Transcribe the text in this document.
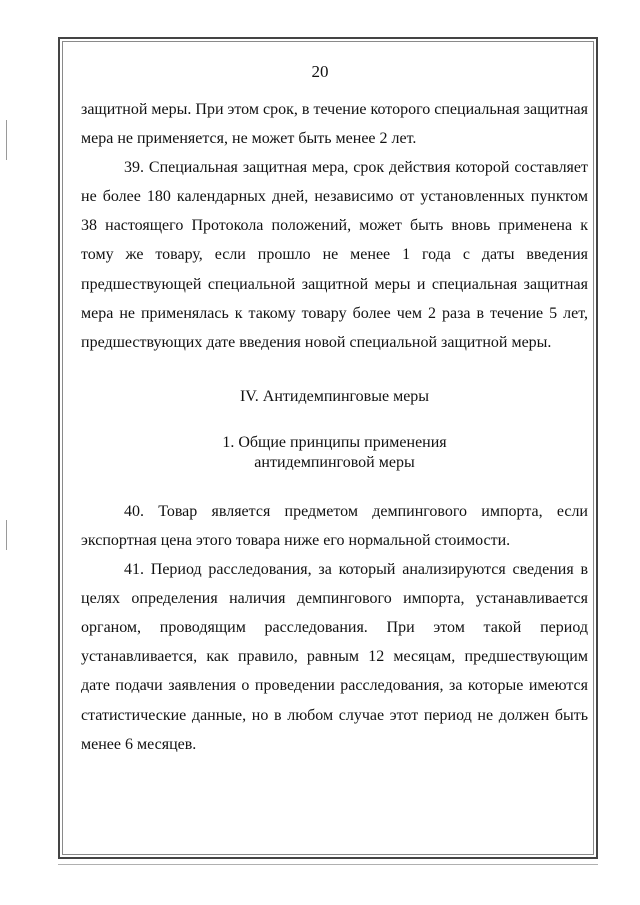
20

защитной меры. При этом срок, в течение которого специальная защитная мера не применяется, не может быть менее 2 лет.

39. Специальная защитная мера, срок действия которой составляет не более 180 календарных дней, независимо от установленных пунктом 38 настоящего Протокола положений, может быть вновь применена к тому же товару, если прошло не менее 1 года с даты введения предшествующей специальной защитной меры и специальная защитная мера не применялась к такому товару более чем 2 раза в течение 5 лет, предшествующих дате введения новой специальной защитной меры.

IV. Антидемпинговые меры

1. Общие принципы применения
антидемпинговой меры

40. Товар является предметом демпингового импорта, если экспортная цена этого товара ниже его нормальной стоимости.

41. Период расследования, за который анализируются сведения в целях определения наличия демпингового импорта, устанавливается органом, проводящим расследования. При этом такой период устанавливается, как правило, равным 12 месяцам, предшествующим дате подачи заявления о проведении расследования, за которые имеются статистические данные, но в любом случае этот период не должен быть менее 6 месяцев.
